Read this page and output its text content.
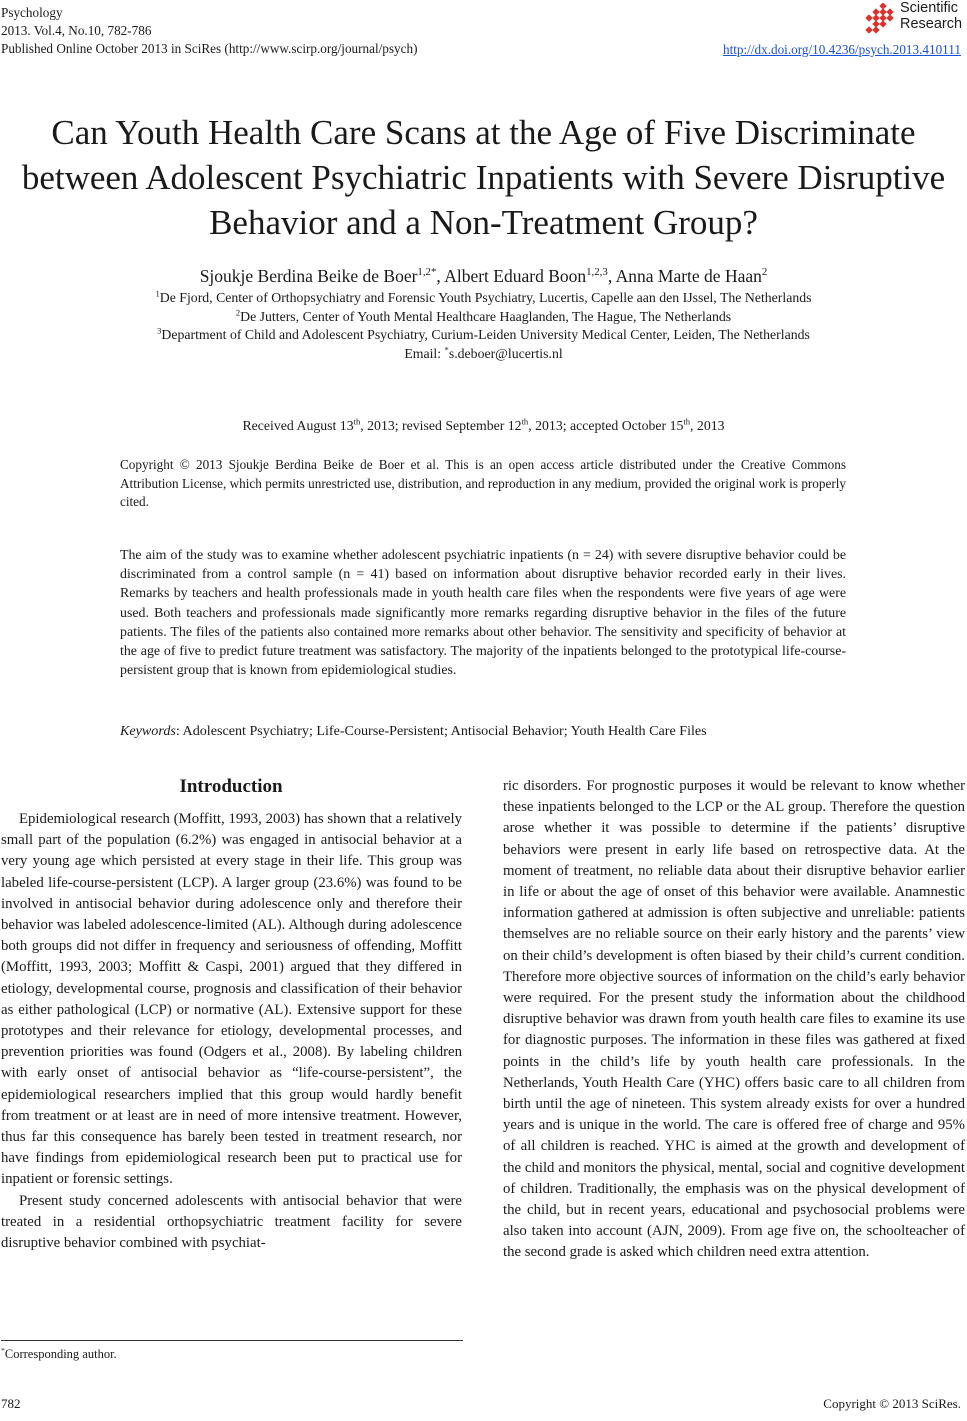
Psychology
2013. Vol.4, No.10, 782-786
Published Online October 2013 in SciRes (http://www.scirp.org/journal/psych)	http://dx.doi.org/10.4236/psych.2013.410111
Scientific
Research
Can Youth Health Care Scans at the Age of Five Discriminate between Adolescent Psychiatric Inpatients with Severe Disruptive Behavior and a Non-Treatment Group?
Sjoukje Berdina Beike de Boer$^{1,2*}$, Albert Eduard Boon$^{1,2,3}$, Anna Marte de Haan$^2$

$^1$De Fjord, Center of Orthopsychiatry and Forensic Youth Psychiatry, Lucertis, Capelle aan den IJssel, The Netherlands

$^2$De Jutters, Center of Youth Mental Healthcare Haaglanden, The Hague, The Netherlands

$^3$Department of Child and Adolescent Psychiatry, Curium-Leiden University Medical Center, Leiden, The Netherlands

Email: *s.deboer@lucertis.nl

Received August 13th, 2013; revised September 12th, 2013; accepted October 15th, 2013
Copyright © 2013 Sjoukje Berdina Beike de Boer et al. This is an open access article distributed under the Creative Commons Attribution License, which permits unrestricted use, distribution, and reproduction in any medium, provided the original work is properly cited.
The aim of the study was to examine whether adolescent psychiatric inpatients (n = 24) with severe disruptive behavior could be discriminated from a control sample (n = 41) based on information about disruptive behavior recorded early in their lives. Remarks by teachers and health professionals made in youth health care files when the respondents were five years of age were used. Both teachers and professionals made significantly more remarks regarding disruptive behavior in the files of the future patients. The files of the patients also contained more remarks about other behavior. The sensitivity and specificity of behavior at the age of five to predict future treatment was satisfactory. The majority of the inpatients belonged to the prototypical life-course-persistent group that is known from epidemiological studies.
Keywords: Adolescent Psychiatry; Life-Course-Persistent; Antisocial Behavior; Youth Health Care Files
Introduction

Epidemiological research (Moffitt, 1993, 2003) has shown that a relatively small part of the population (6.2%) was engaged in antisocial behavior at a very young age which persisted at every stage in their life. This group was labeled life-course-persistent (LCP). A larger group (23.6%) was found to be involved in antisocial behavior during adolescence only and therefore their behavior was labeled adolescence-limited (AL). Although during adolescence both groups did not differ in frequency and seriousness of offending, Moffitt (Moffitt, 1993, 2003; Moffitt & Caspi, 2001) argued that they differed in etiology, developmental course, prognosis and classification of their behavior as either pathological (LCP) or normative (AL). Extensive support for these prototypes and their relevance for etiology, developmental processes, and prevention priorities was found (Odgers et al., 2008). By labeling children with early onset of antisocial behavior as “life-course-persistent”, the epidemiological researchers implied that this group would hardly benefit from treatment or at least are in need of more intensive treatment. However, thus far this consequence has barely been tested in treatment research, nor have findings from epidemiological research been put to practical use for inpatient or forensic settings.

Present study concerned adolescents with antisocial behavior that were treated in a residential orthopsychiatric treatment facility for severe disruptive behavior combined with psychiat-

ric disorders. For prognostic purposes it would be relevant to know whether these inpatients belonged to the LCP or the AL group. Therefore the question arose whether it was possible to determine if the patients’ disruptive behaviors were present in early life based on retrospective data. At the moment of treatment, no reliable data about their disruptive behavior earlier in life or about the age of onset of this behavior were available. Anamnestic information gathered at admission is often subjective and unreliable: patients themselves are no reliable source on their early history and the parents’ view on their child’s development is often biased by their child’s current condition. Therefore more objective sources of information on the child’s early behavior were required. For the present study the information about the childhood disruptive behavior was drawn from youth health care files to examine its use for diagnostic purposes. The information in these files was gathered at fixed points in the child’s life by youth health care professionals. In the Netherlands, Youth Health Care (YHC) offers basic care to all children from birth until the age of nineteen. This system already exists for over a hundred years and is unique in the world. The care is offered free of charge and 95% of all children is reached. YHC is aimed at the growth and development of the child and monitors the physical, mental, social and cognitive development of children. Traditionally, the emphasis was on the physical development of the child, but in recent years, educational and psychosocial problems were also taken into account (AJN, 2009). From age five on, the schoolteacher of the second grade is asked which children need extra attention.

*Corresponding author.
782	Copyright © 2013 SciRes.
